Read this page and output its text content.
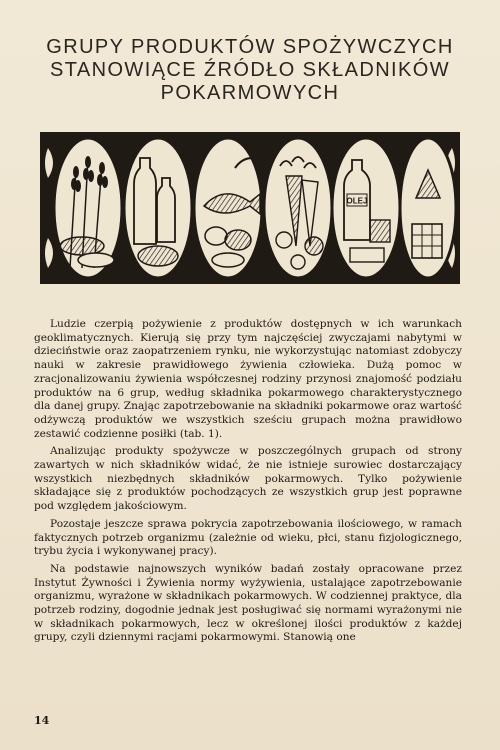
GRUPY PRODUKTÓW SPOŻYWCZYCH
STANOWIĄCE ŹRÓDŁO SKŁADNIKÓW
POKARMOWYCH
OLEJ

Ludzie czerpią pożywienie z produktów dostępnych w ich warunkach geoklimatycznych. Kierują się przy tym najczęściej zwyczajami nabytymi w dzieciństwie oraz zaopatrzeniem rynku, nie wykorzystując natomiast zdobyczy nauki w zakresie prawidłowego żywienia człowieka. Dużą pomoc w zracjonalizowaniu żywienia współczesnej rodziny przynosi znajomość podziału produktów na 6 grup, według składnika pokarmowego charakterystycznego dla danej grupy. Znając zapotrzebowanie na składniki pokarmowe oraz wartość odżywczą produktów we wszystkich sześciu grupach można prawidłowo zestawić codzienne posiłki (tab. 1).

Analizując produkty spożywcze w poszczególnych grupach od strony zawartych w nich składników widać, że nie istnieje surowiec dostarczający wszystkich niezbędnych składników pokarmowych. Tylko pożywienie składające się z produktów pochodzących ze wszystkich grup jest poprawne pod względem jakościowym.

Pozostaje jeszcze sprawa pokrycia zapotrzebowania ilościowego, w ramach faktycznych potrzeb organizmu (zależnie od wieku, płci, stanu fizjologicznego, trybu życia i wykonywanej pracy).

Na podstawie najnowszych wyników badań zostały opracowane przez Instytut Żywności i Żywienia normy wyżywienia, ustalające zapotrzebowanie organizmu, wyrażone w składnikach pokarmowych. W codziennej praktyce, dla potrzeb rodziny, dogodnie jednak jest posługiwać się normami wyrażonymi nie w składnikach pokarmowych, lecz w określonej ilości produktów z każdej grupy, czyli dziennymi racjami pokarmowymi. Stanowią one

14
